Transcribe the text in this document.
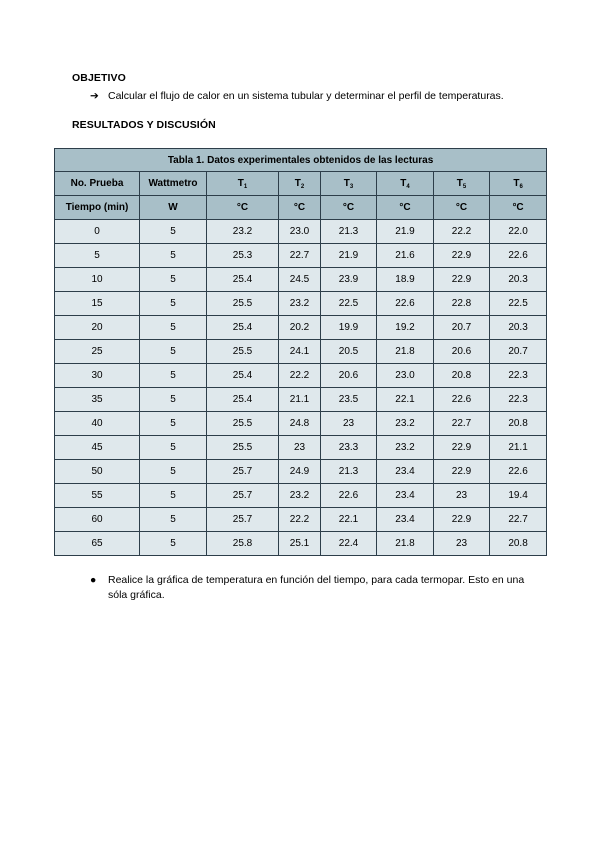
OBJETIVO
➔ Calcular el flujo de calor en un sistema tubular y determinar el perfil de temperaturas.
RESULTADOS Y DISCUSIÓN
Tabla 1. Datos experimentales obtenidos de las lecturas							
No. Prueba	Wattmetro	$T_1$	$T_2$	$T_3$	$T_4$	$T_5$	$T_6$
Tiempo (min)	W	°C	°C	°C	°C	°C	°C
0	5	23.2	23.0	21.3	21.9	22.2	22.0
5	5	25.3	22.7	21.9	21.6	22.9	22.6
10	5	25.4	24.5	23.9	18.9	22.9	20.3
15	5	25.5	23.2	22.5	22.6	22.8	22.5
20	5	25.4	20.2	19.9	19.2	20.7	20.3
25	5	25.5	24.1	20.5	21.8	20.6	20.7
30	5	25.4	22.2	20.6	23.0	20.8	22.3
35	5	25.4	21.1	23.5	22.1	22.6	22.3
40	5	25.5	24.8	23	23.2	22.7	20.8
45	5	25.5	23	23.3	23.2	22.9	21.1
50	5	25.7	24.9	21.3	23.4	22.9	22.6
55	5	25.7	23.2	22.6	23.4	23	19.4
60	5	25.7	22.2	22.1	23.4	22.9	22.7
65	5	25.8	25.1	22.4	21.8	23	20.8
●	Realice la gráfica de temperatura en función del tiempo, para cada termopar. Esto en una sóla gráfica.
